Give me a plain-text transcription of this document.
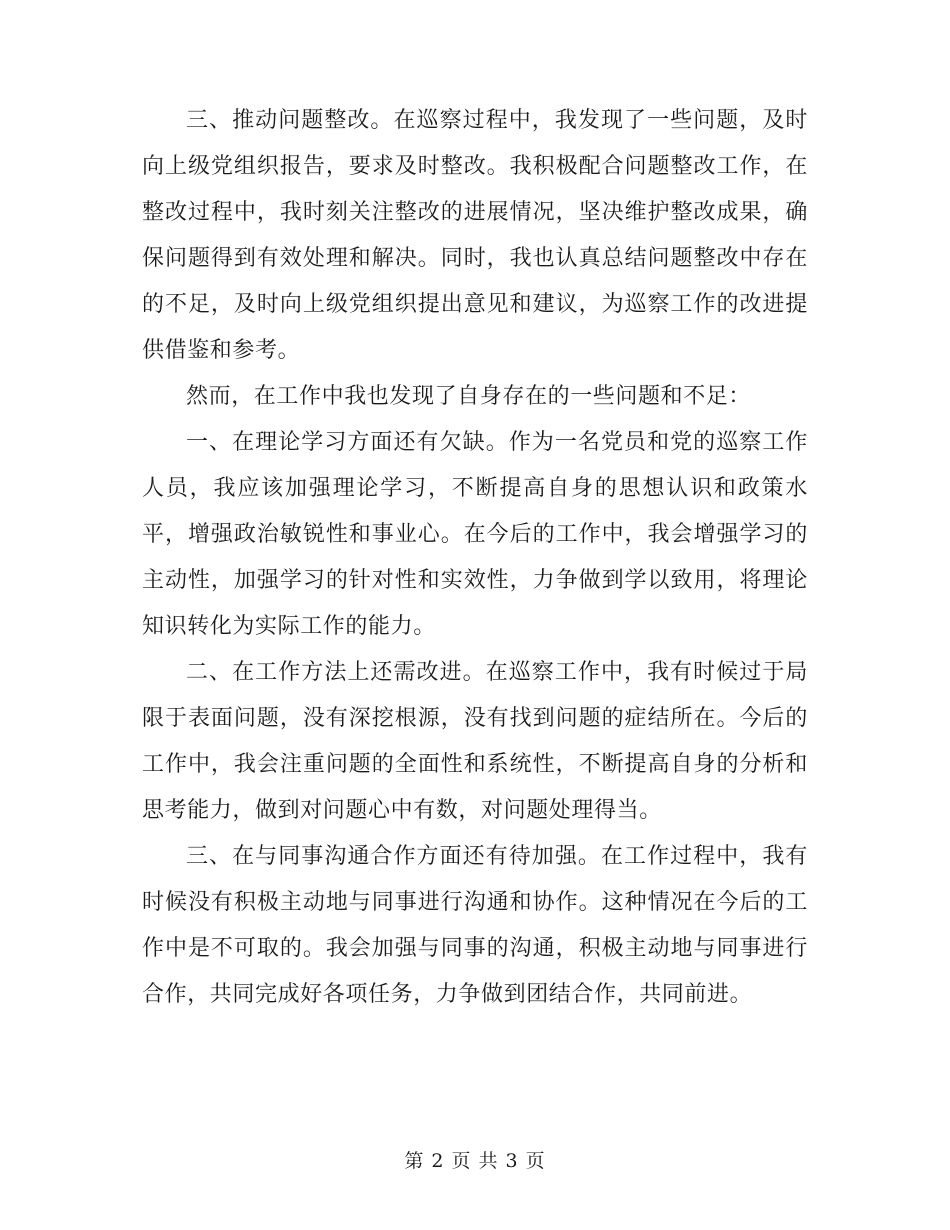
三、推动问题整改。在巡察过程中，我发现了一些问题，及时向上级党组织报告，要求及时整改。我积极配合问题整改工作，在整改过程中，我时刻关注整改的进展情况，坚决维护整改成果，确保问题得到有效处理和解决。同时，我也认真总结问题整改中存在的不足，及时向上级党组织提出意见和建议，为巡察工作的改进提供借鉴和参考。

然而，在工作中我也发现了自身存在的一些问题和不足：

一、在理论学习方面还有欠缺。作为一名党员和党的巡察工作人员，我应该加强理论学习，不断提高自身的思想认识和政策水平，增强政治敏锐性和事业心。在今后的工作中，我会增强学习的主动性，加强学习的针对性和实效性，力争做到学以致用，将理论知识转化为实际工作的能力。

二、在工作方法上还需改进。在巡察工作中，我有时候过于局限于表面问题，没有深挖根源，没有找到问题的症结所在。今后的工作中，我会注重问题的全面性和系统性，不断提高自身的分析和思考能力，做到对问题心中有数，对问题处理得当。

三、在与同事沟通合作方面还有待加强。在工作过程中，我有时候没有积极主动地与同事进行沟通和协作。这种情况在今后的工作中是不可取的。我会加强与同事的沟通，积极主动地与同事进行合作，共同完成好各项任务，力争做到团结合作，共同前进。

第 2 页 共 3 页
